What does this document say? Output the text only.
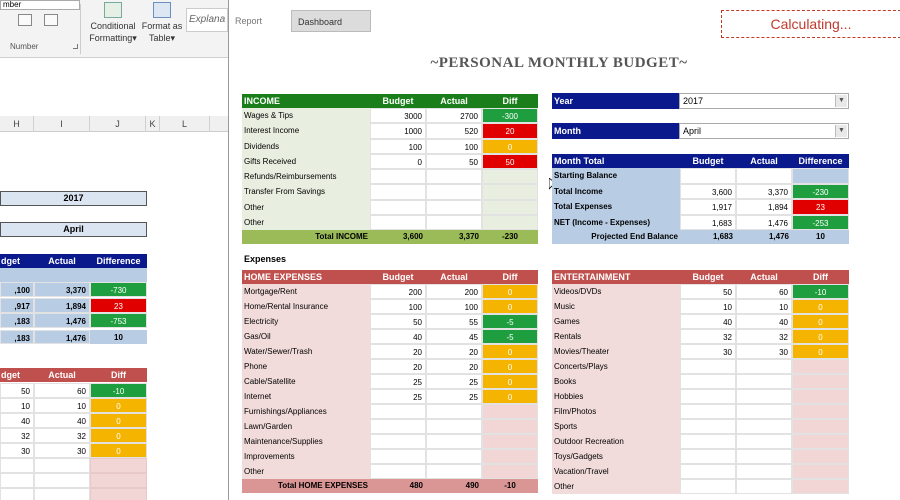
mber
Number
Conditional
Formatting▾
Format as
Table▾
Explana
H	I	J	K	L
2017
April
dget	Actual	Difference
dget	Actual	Diff
,100	3,370	-730
,917	1,894	23
,183	1,476	-753
,183	1,476	10
50	60	-10
10	10	0
40	40	0
32	32	0
30	30	0
Report	Dashboard	Calculating...
~PERSONAL MONTHLY BUDGET~
INCOME	Budget	Actual	Diff
Total INCOME	3,600	3,370	-230
Year	2017	▼
Month	April	▼
Month Total	Budget	Actual	Difference
Projected End Balance	1,683	1,476	10
Expenses
HOME EXPENSES	Budget	Actual	Diff
Total HOME EXPENSES	480	490	-10
ENTERTAINMENT	Budget	Actual	Diff
Wages & Tips	3000	2700	-300
Interest Income	1000	520	20
Dividends	100	100	0
Gifts Received	0	50	50
Refunds/Reimbursements
Transfer From Savings
Other
Other
Starting Balance
Total Income	3,600	3,370	-230
Total Expenses	1,917	1,894	23
NET (Income - Expenses)	1,683	1,476	-253
Mortgage/Rent	200	200	0
Home/Rental Insurance	100	100	0
Electricity	50	55	-5
Gas/Oil	40	45	-5
Water/Sewer/Trash	20	20	0
Phone	20	20	0
Cable/Satellite	25	25	0
Internet	25	25	0
Furnishings/Appliances
Lawn/Garden
Maintenance/Supplies
Improvements
Other
Videos/DVDs	50	60	-10
Music	10	10	0
Games	40	40	0
Rentals	32	32	0
Movies/Theater	30	30	0
Concerts/Plays
Books
Hobbies
Film/Photos
Sports
Outdoor Recreation
Toys/Gadgets
Vacation/Travel
Other
